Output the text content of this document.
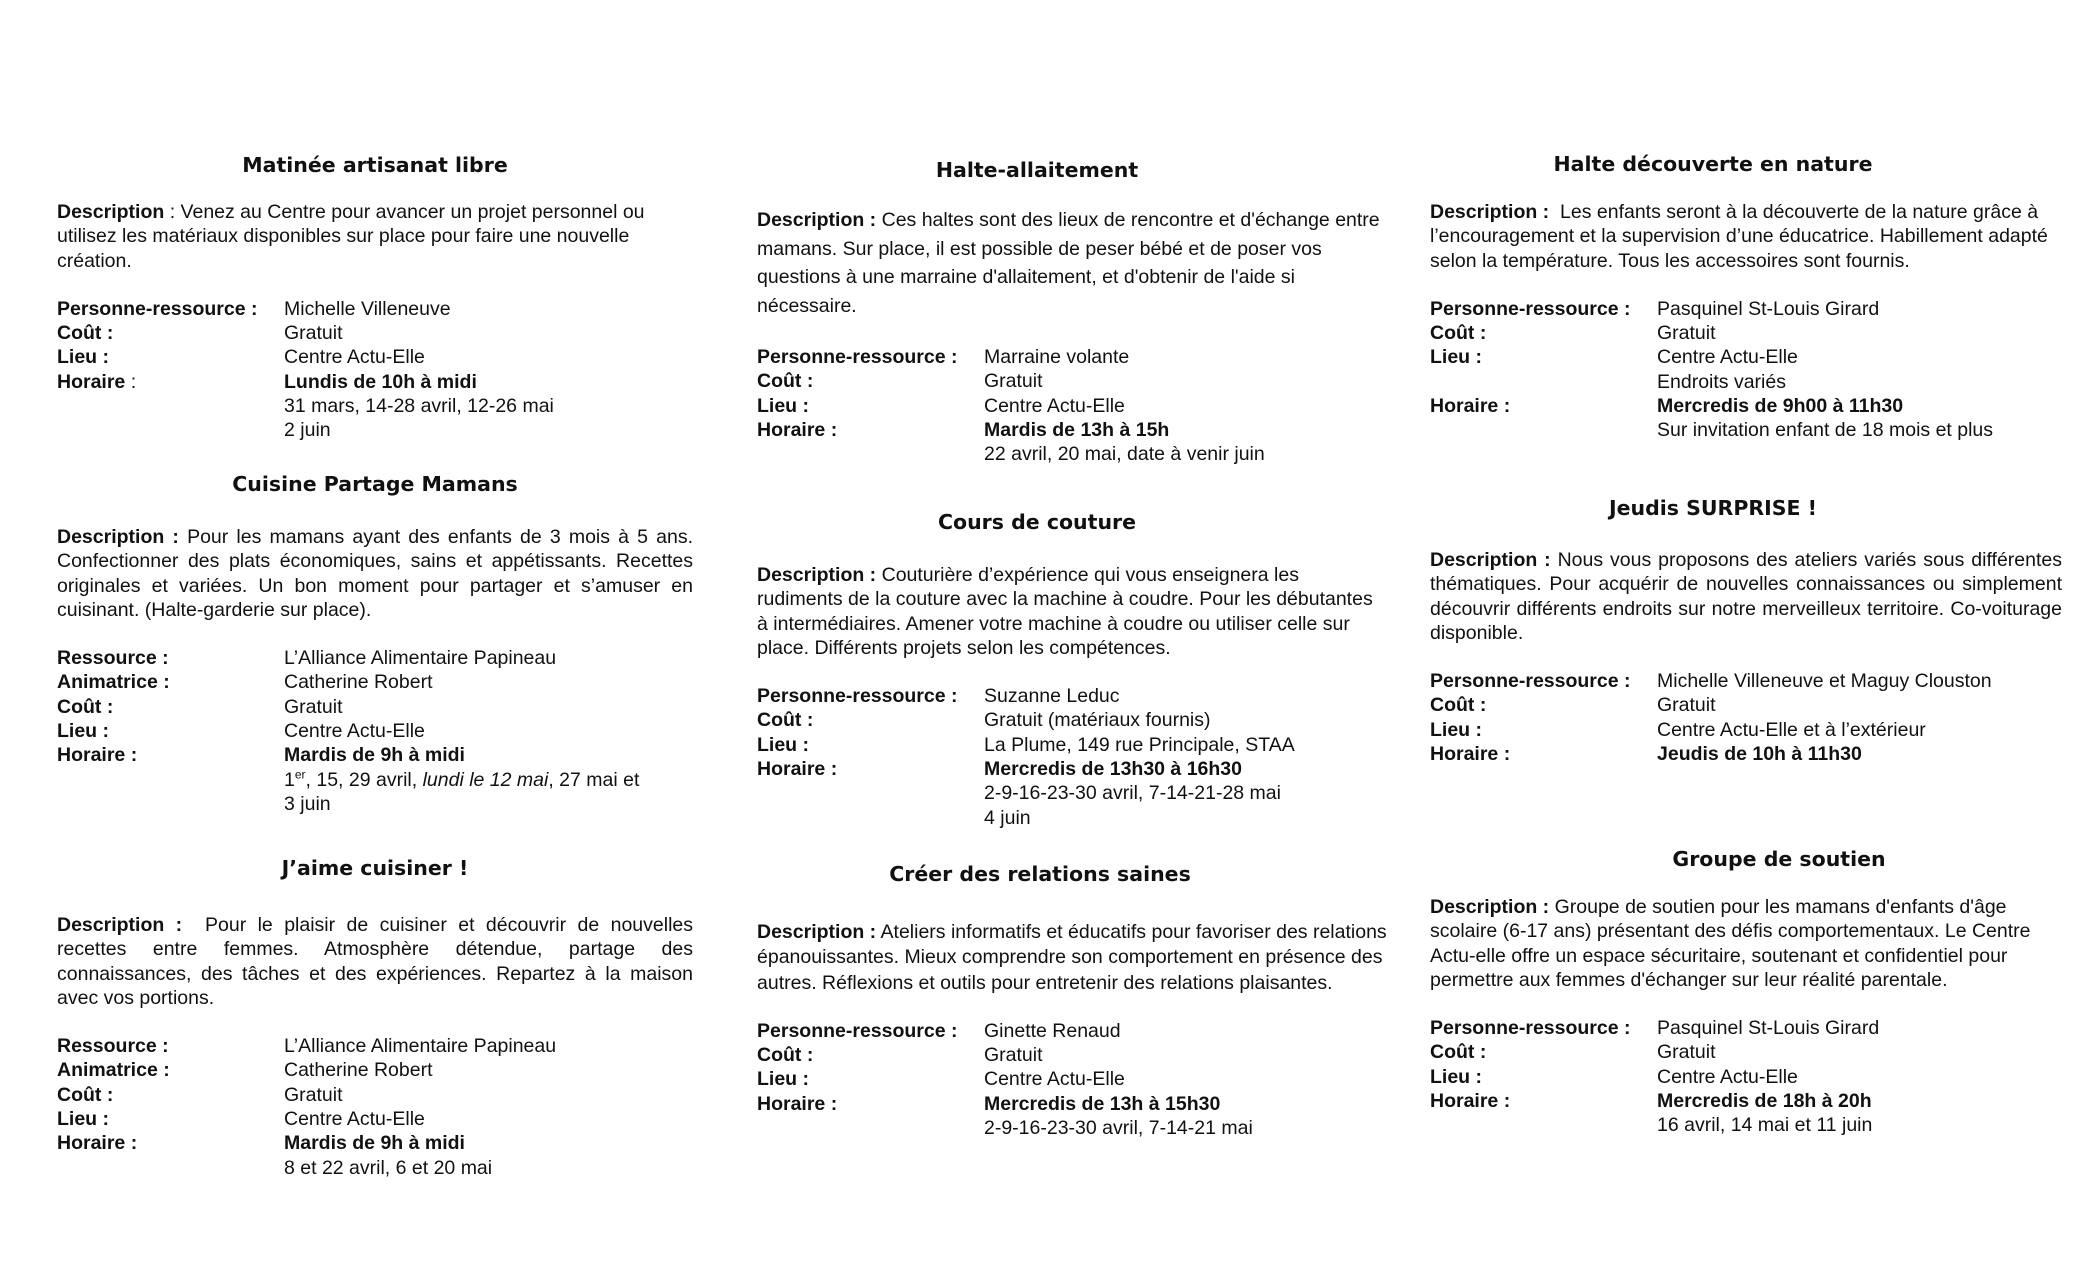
Matinée artisanat libre

Description : Venez au Centre pour avancer un projet personnel ou utilisez les matériaux disponibles sur place pour faire une nouvelle création.

Personne-ressource :	Michelle Villeneuve
Coût :	Gratuit
Lieu :	Centre Actu-Elle
Horaire :	Lundis de 10h à midi
31 mars, 14-28 avril, 12-26 mai
2 juin
Cuisine Partage Mamans

Description : Pour les mamans ayant des enfants de 3 mois à 5 ans. Confectionner des plats économiques, sains et appétissants. Recettes originales et variées. Un bon moment pour partager et s’amuser en cuisinant. (Halte-garderie sur place).

Ressource :	L’Alliance Alimentaire Papineau
Animatrice :	Catherine Robert
Coût :	Gratuit
Lieu :	Centre Actu-Elle
Horaire :	Mardis de 9h à midi
1er, 15, 29 avril, lundi le 12 mai, 27 mai et
3 juin
J’aime cuisiner !

Description :  Pour le plaisir de cuisiner et découvrir de nouvelles recettes entre femmes. Atmosphère détendue, partage des connaissances, des tâches et des expériences. Repartez à la maison avec vos portions.

Ressource :	L’Alliance Alimentaire Papineau
Animatrice :	Catherine Robert
Coût :	Gratuit
Lieu :	Centre Actu-Elle
Horaire :	Mardis de 9h à midi
8 et 22 avril, 6 et 20 mai
Halte-allaitement

Description : Ces haltes sont des lieux de rencontre et d'échange entre mamans. Sur place, il est possible de peser bébé et de poser vos questions à une marraine d'allaitement, et d'obtenir de l'aide si nécessaire.

Personne-ressource :	Marraine volante
Coût :	Gratuit
Lieu :	Centre Actu-Elle
Horaire :	Mardis de 13h à 15h
22 avril, 20 mai, date à venir juin
Cours de couture

Description : Couturière d’expérience qui vous enseignera les rudiments de la couture avec la machine à coudre. Pour les débutantes à intermédiaires. Amener votre machine à coudre ou utiliser celle sur place. Différents projets selon les compétences.

Personne-ressource :	Suzanne Leduc
Coût :	Gratuit (matériaux fournis)
Lieu :	La Plume, 149 rue Principale, STAA
Horaire :	Mercredis de 13h30 à 16h30
2-9-16-23-30 avril, 7-14-21-28 mai
4 juin
Créer des relations saines

Description : Ateliers informatifs et éducatifs pour favoriser des relations épanouissantes. Mieux comprendre son comportement en présence des autres. Réflexions et outils pour entretenir des relations plaisantes.

Personne-ressource :	Ginette Renaud
Coût :	Gratuit
Lieu :	Centre Actu-Elle
Horaire :	Mercredis de 13h à 15h30
2-9-16-23-30 avril, 7-14-21 mai
Halte découverte en nature

Description :  Les enfants seront à la découverte de la nature grâce à l’encouragement et la supervision d’une éducatrice. Habillement adapté selon la température. Tous les accessoires sont fournis.

Personne-ressource :	Pasquinel St-Louis Girard
Coût :	Gratuit
Lieu :	Centre Actu-Elle
Endroits variés
Horaire :	Mercredis de 9h00 à 11h30
Sur invitation enfant de 18 mois et plus
Jeudis SURPRISE !

Description : Nous vous proposons des ateliers variés sous différentes thématiques. Pour acquérir de nouvelles connaissances ou simplement découvrir différents endroits sur notre merveilleux territoire. Co-voiturage disponible.

Personne-ressource :	Michelle Villeneuve et Maguy Clouston
Coût :	Gratuit
Lieu :	Centre Actu-Elle et à l’extérieur
Horaire :	Jeudis de 10h à 11h30
Groupe de soutien

Description : Groupe de soutien pour les mamans d'enfants d'âge scolaire (6-17 ans) présentant des défis comportementaux. Le Centre Actu-elle offre un espace sécuritaire, soutenant et confidentiel pour permettre aux femmes d'échanger sur leur réalité parentale.

Personne-ressource :	Pasquinel St-Louis Girard
Coût :	Gratuit
Lieu :	Centre Actu-Elle
Horaire :	Mercredis de 18h à 20h
16 avril, 14 mai et 11 juin
